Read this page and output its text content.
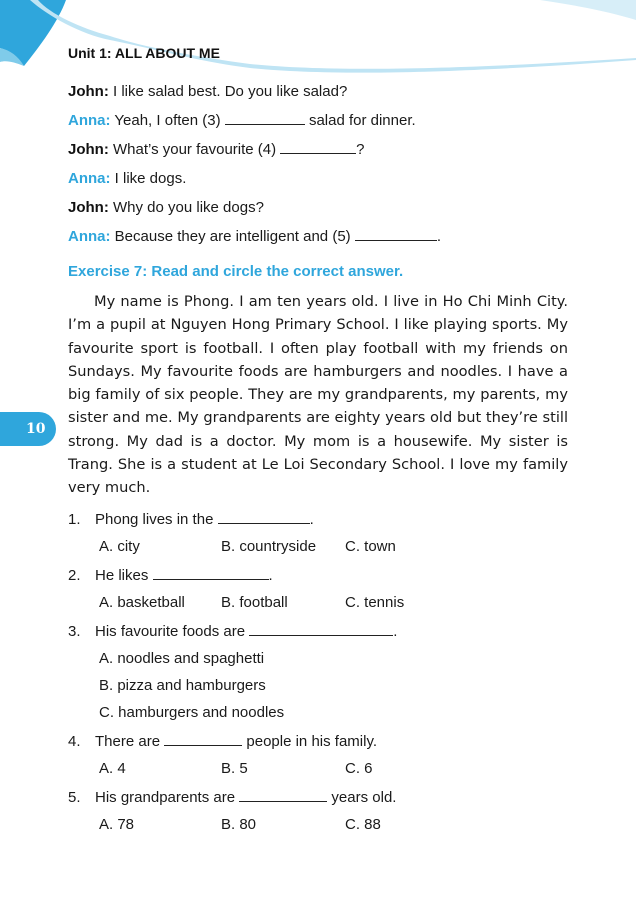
Unit 1: ALL ABOUT ME
John: I like salad best. Do you like salad?
Anna: Yeah, I often (3)	salad for dinner.
John: What’s your favourite (4)	?
Anna: I like dogs.
John: Why do you like dogs?
Anna: Because they are intelligent and (5)	.
Exercise 7: Read and circle the correct answer.
My name is Phong. I am ten years old. I live in Ho Chi Minh City. I’m a pupil at Nguyen Hong Primary School. I like playing sports. My favourite sport is football. I often play football with my friends on Sundays. My favourite foods are hamburgers and noodles. I have a big family of six people. They are my grandparents, my parents, my sister and me. My grandparents are eighty years old but they’re still strong. My dad is a doctor. My mom is a housewife. My sister is Trang. She is a student at Le Loi Secondary School. I love my family very much.
10
1. Phong lives in the	.
A. city	B. countryside C. town
2. He likes	.
A. basketball B. football	C. tennis
3. His favourite foods are	.
A. noodles and spaghetti
B. pizza and hamburgers
C. hamburgers and noodles
4. There are	people in his family.
A. 4	B. 5	C. 6
5. His grandparents are	years old.
A. 78	B. 80	C. 88
